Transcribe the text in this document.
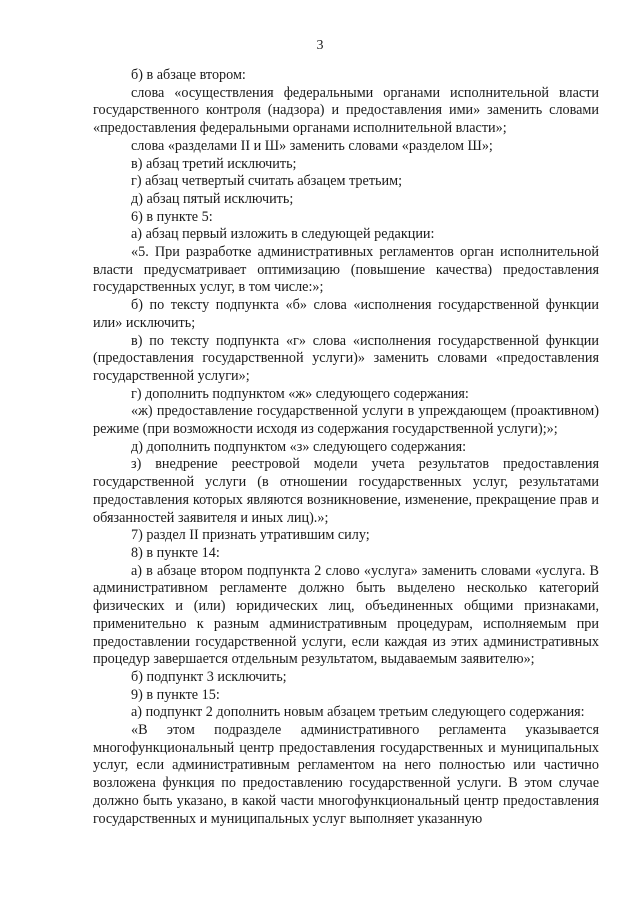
3

б) в абзаце втором:

слова «осуществления федеральными органами исполнительной власти государственного контроля (надзора) и предоставления ими» заменить словами «предоставления федеральными органами исполнительной власти»;

слова «разделами II и Ш» заменить словами «разделом Ш»;

в) абзац третий исключить;

г) абзац четвертый считать абзацем третьим;

д) абзац пятый исключить;

6) в пункте 5:

а) абзац первый изложить в следующей редакции:

«5. При разработке административных регламентов орган исполнительной власти предусматривает оптимизацию (повышение качества) предоставления государственных услуг, в том числе:»;

б) по тексту подпункта «б» слова «исполнения государственной функции или» исключить;

в) по тексту подпункта «г» слова «исполнения государственной функции (предоставления государственной услуги)» заменить словами «предоставления государственной услуги»;

г) дополнить подпунктом «ж» следующего содержания:

«ж) предоставление государственной услуги в упреждающем (проактивном) режиме (при возможности исходя из содержания государственной услуги);»;

д) дополнить подпунктом «з» следующего содержания:

з) внедрение реестровой модели учета результатов предоставления государственной услуги (в отношении государственных услуг, результатами предоставления которых являются возникновение, изменение, прекращение прав и обязанностей заявителя и иных лиц).»;

7) раздел II признать утратившим силу;

8) в пункте 14:

а) в абзаце втором подпункта 2 слово «услуга» заменить словами «услуга. В административном регламенте должно быть выделено несколько категорий физических и (или) юридических лиц, объединенных общими признаками, применительно к разным административным процедурам, исполняемым при предоставлении государственной услуги, если каждая из этих административных процедур завершается отдельным результатом, выдаваемым заявителю»;

б) подпункт 3 исключить;

9) в пункте 15:

а) подпункт 2 дополнить новым абзацем третьим следующего содержания:

«В этом подразделе административного регламента указывается многофункциональный центр предоставления государственных и муниципальных услуг, если административным регламентом на него полностью или частично возложена функция по предоставлению государственной услуги. В этом случае должно быть указано, в какой части многофункциональный центр предоставления государственных и муниципальных услуг выполняет указанную
